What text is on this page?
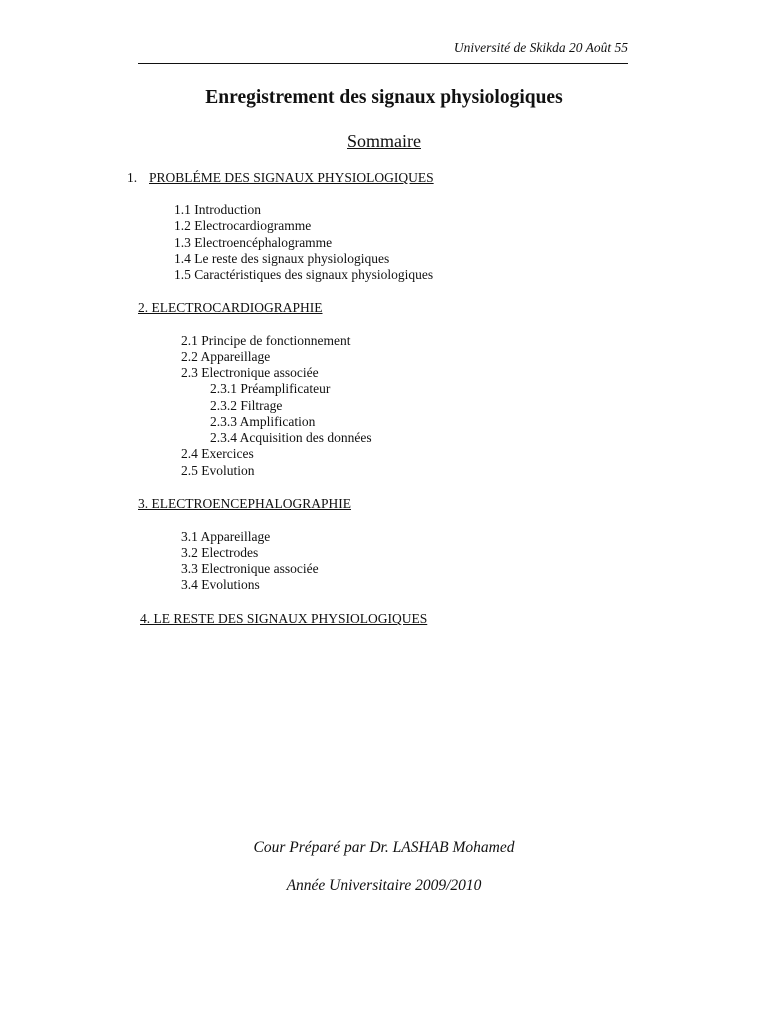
Université de Skikda 20 Août 55
Enregistrement des signaux physiologiques
Sommaire
1. PROBLÉME DES SIGNAUX PHYSIOLOGIQUES
1.1 Introduction
1.2 Electrocardiogramme
1.3 Electroencéphalogramme
1.4 Le reste des signaux physiologiques
1.5 Caractéristiques des signaux physiologiques
2. ELECTROCARDIOGRAPHIE
2.1 Principe de fonctionnement
2.2 Appareillage
2.3 Electronique associée
2.3.1 Préamplificateur
2.3.2 Filtrage
2.3.3 Amplification
2.3.4 Acquisition des données
2.4 Exercices
2.5 Evolution
3. ELECTROENCEPHALOGRAPHIE
3.1 Appareillage
3.2 Electrodes
3.3 Electronique associée
3.4 Evolutions
4. LE RESTE DES SIGNAUX PHYSIOLOGIQUES
Cour Préparé par Dr. LASHAB Mohamed
Année Universitaire 2009/2010
